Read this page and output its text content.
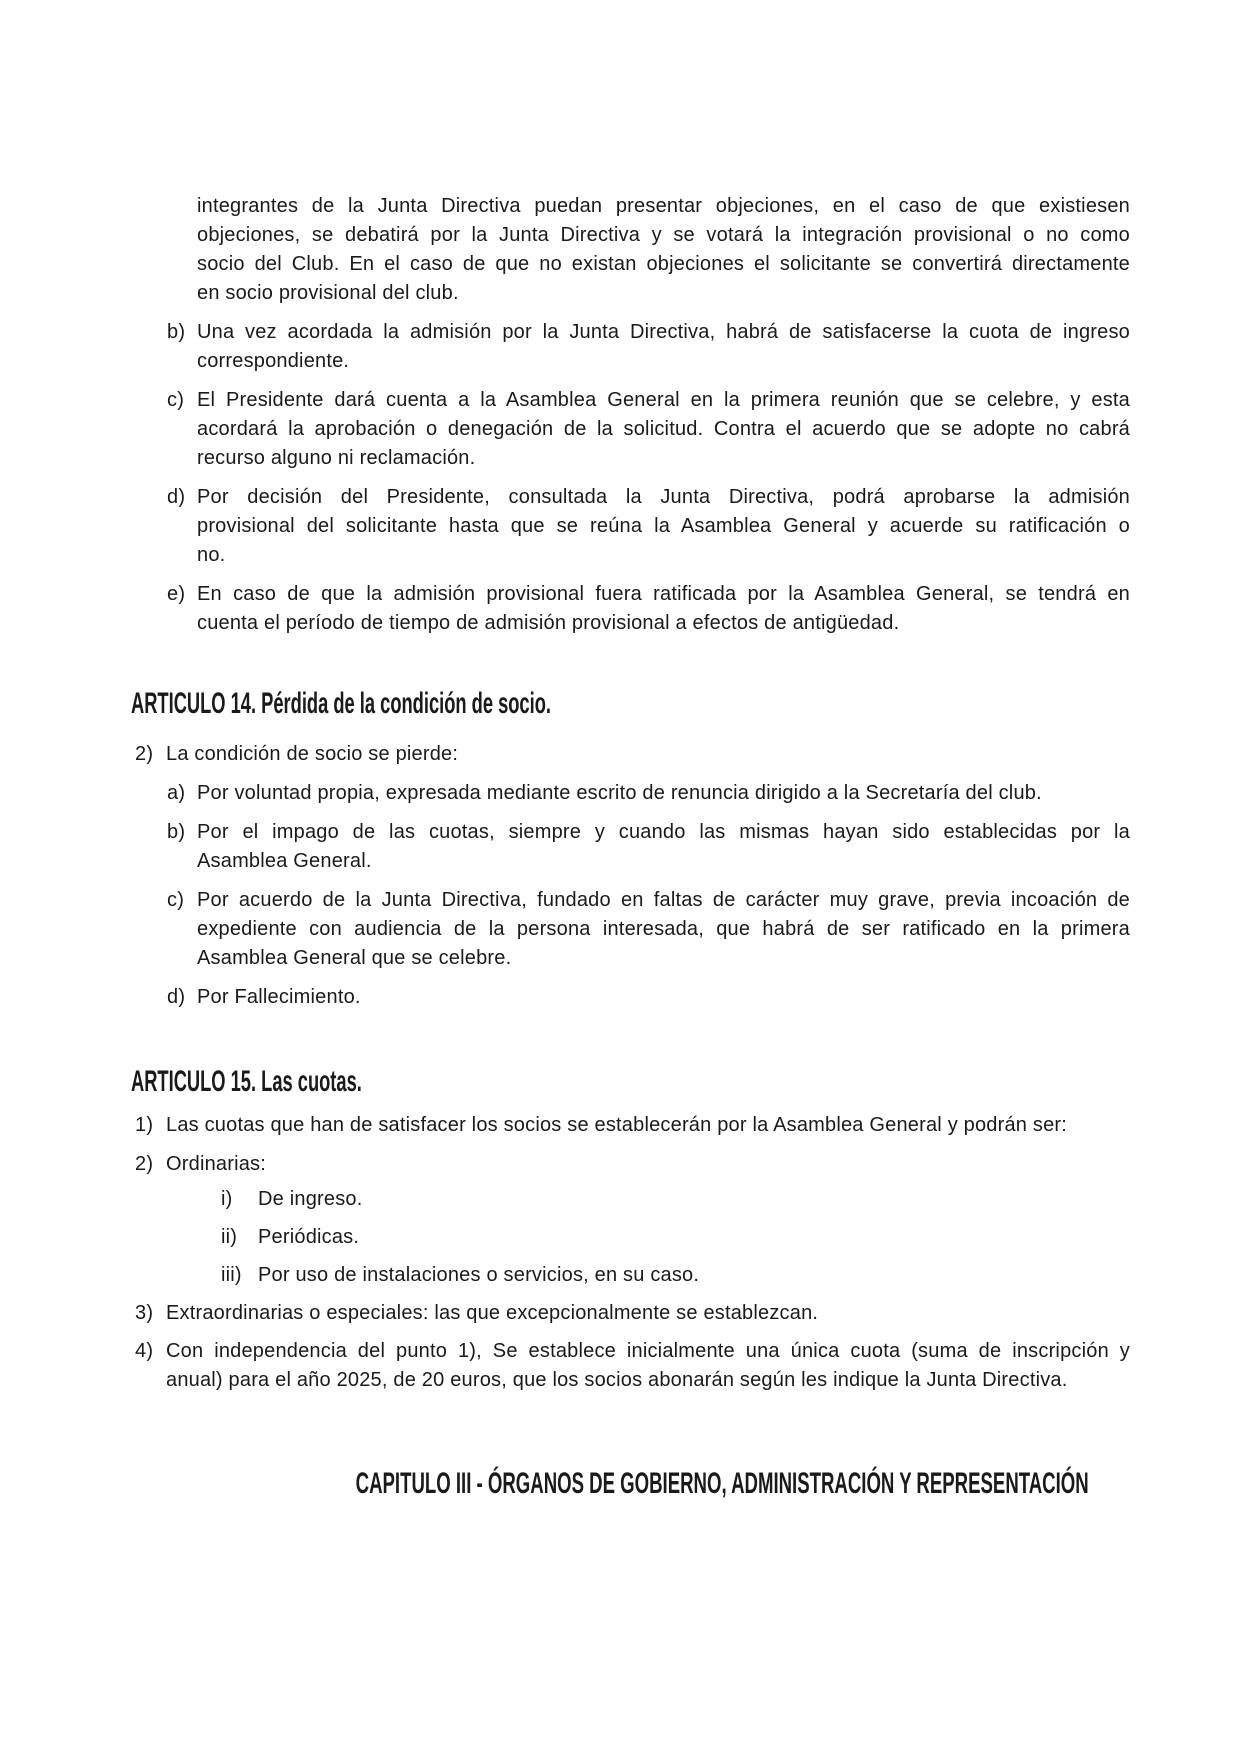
integrantes de la Junta Directiva puedan presentar objeciones, en el caso de que existiesen
objeciones, se debatirá por la Junta Directiva y se votará la integración provisional o no como
socio del Club. En el caso de que no existan objeciones el solicitante se convertirá directamente
en socio provisional del club.
b) Una vez acordada la admisión por la Junta Directiva, habrá de satisfacerse la cuota de ingreso
correspondiente.
c) El Presidente dará cuenta a la Asamblea General en la primera reunión que se celebre, y esta
acordará la aprobación o denegación de la solicitud. Contra el acuerdo que se adopte no cabrá
recurso alguno ni reclamación.
d) Por decisión del Presidente, consultada la Junta Directiva, podrá aprobarse la admisión
provisional del solicitante hasta que se reúna la Asamblea General y acuerde su ratificación o
no.
e) En caso de que la admisión provisional fuera ratificada por la Asamblea General, se tendrá en
cuenta el período de tiempo de admisión provisional a efectos de antigüedad.
ARTICULO 14. Pérdida de la condición de socio.
2) La condición de socio se pierde:
a) Por voluntad propia, expresada mediante escrito de renuncia dirigido a la Secretaría del club.
b) Por el impago de las cuotas, siempre y cuando las mismas hayan sido establecidas por la
Asamblea General.
c) Por acuerdo de la Junta Directiva, fundado en faltas de carácter muy grave, previa incoación de
expediente con audiencia de la persona interesada, que habrá de ser ratificado en la primera
Asamblea General que se celebre.
d) Por Fallecimiento.
ARTICULO 15. Las cuotas.
1) Las cuotas que han de satisfacer los socios se establecerán por la Asamblea General y podrán ser:
2) Ordinarias:
i) De ingreso.
ii) Periódicas.
iii) Por uso de instalaciones o servicios, en su caso.
3) Extraordinarias o especiales: las que excepcionalmente se establezcan.
4) Con independencia del punto 1), Se establece inicialmente una única cuota (suma de inscripción y
anual) para el año 2025, de 20 euros, que los socios abonarán según les indique la Junta Directiva.
CAPITULO III - ÓRGANOS DE GOBIERNO, ADMINISTRACIÓN Y REPRESENTACIÓN
